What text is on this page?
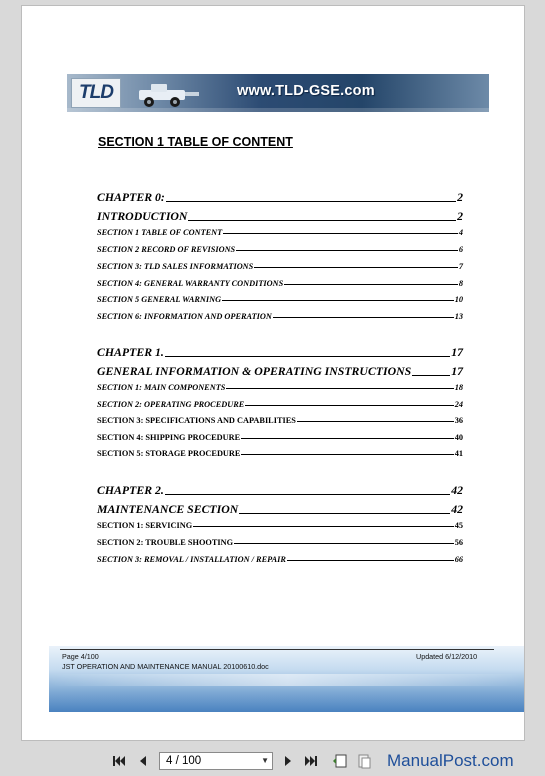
TLD	www.TLD-GSE.com
SECTION 1 TABLE OF CONTENT
CHAPTER 0:	2
INTRODUCTION	2
SECTION 1 TABLE OF CONTENT	4
SECTION 2 RECORD OF REVISIONS	6
SECTION 3: TLD SALES INFORMATIONS	7
SECTION 4: GENERAL WARRANTY CONDITIONS	8
SECTION 5 GENERAL WARNING	10
SECTION 6: INFORMATION AND OPERATION	13
CHAPTER 1.	17
GENERAL INFORMATION & OPERATING INSTRUCTIONS	17
SECTION 1: MAIN COMPONENTS	18
SECTION 2: OPERATING PROCEDURE	24
SECTION 3: SPECIFICATIONS AND CAPABILITIES	36
SECTION 4: SHIPPING PROCEDURE	40
SECTION 5: STORAGE PROCEDURE	41
CHAPTER 2.	42
MAINTENANCE SECTION	42
SECTION 1: SERVICING	45
SECTION 2: TROUBLE SHOOTING	56
SECTION 3: REMOVAL / INSTALLATION / REPAIR	66
Page 4/100	Updated 6/12/2010
JST OPERATION AND MAINTENANCE MANUAL 20100610.doc
4 / 100	▼	ManualPost.com
